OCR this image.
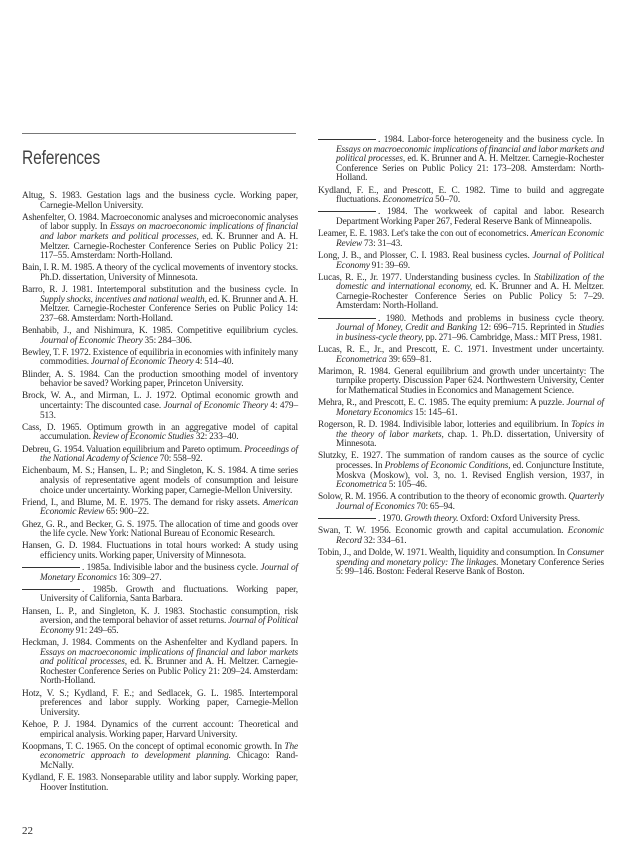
References
Altug, S. 1983. Gestation lags and the business cycle. Working paper, Carnegie-Mellon University.
Ashenfelter, O. 1984. Macroeconomic analyses and microeconomic analyses of labor supply. In Essays on macroeconomic implications of financial and labor markets and political processes, ed. K. Brunner and A. H. Meltzer. Carnegie-Rochester Conference Series on Public Policy 21: 117–55. Amsterdam: North-Holland.
Bain, I. R. M. 1985. A theory of the cyclical movements of inventory stocks. Ph.D. dissertation, University of Minnesota.
Barro, R. J. 1981. Intertemporal substitution and the business cycle. In Supply shocks, incentives and national wealth, ed. K. Brunner and A. H. Meltzer. Carnegie-Rochester Conference Series on Public Policy 14: 237–68. Amsterdam: North-Holland.
Benhabib, J., and Nishimura, K. 1985. Competitive equilibrium cycles. Journal of Economic Theory 35: 284–306.
Bewley, T. F. 1972. Existence of equilibria in economies with infinitely many commodities. Journal of Economic Theory 4: 514–40.
Blinder, A. S. 1984. Can the production smoothing model of inventory behavior be saved? Working paper, Princeton University.
Brock, W. A., and Mirman, L. J. 1972. Optimal economic growth and uncertainty: The discounted case. Journal of Economic Theory 4: 479–513.
Cass, D. 1965. Optimum growth in an aggregative model of capital accumulation. Review of Economic Studies 32: 233–40.
Debreu, G. 1954. Valuation equilibrium and Pareto optimum. Proceedings of the National Academy of Science 70: 558–92.
Eichenbaum, M. S.; Hansen, L. P.; and Singleton, K. S. 1984. A time series analysis of representative agent models of consumption and leisure choice under uncertainty. Working paper, Carnegie-Mellon University.
Friend, I., and Blume, M. E. 1975. The demand for risky assets. American Economic Review 65: 900–22.
Ghez, G. R., and Becker, G. S. 1975. The allocation of time and goods over the life cycle. New York: National Bureau of Economic Research.
Hansen, G. D. 1984. Fluctuations in total hours worked: A study using efficiency units. Working paper, University of Minnesota.
. 1985a. Indivisible labor and the business cycle. Journal of Monetary Economics 16: 309–27.
. 1985b. Growth and fluctuations. Working paper, University of California, Santa Barbara.
Hansen, L. P., and Singleton, K. J. 1983. Stochastic consumption, risk aversion, and the temporal behavior of asset returns. Journal of Political Economy 91: 249–65.
Heckman, J. 1984. Comments on the Ashenfelter and Kydland papers. In Essays on macroeconomic implications of financial and labor markets and political processes, ed. K. Brunner and A. H. Meltzer. Carnegie-Rochester Conference Series on Public Policy 21: 209–24. Amsterdam: North-Holland.
Hotz, V. S.; Kydland, F. E.; and Sedlacek, G. L. 1985. Intertemporal preferences and labor supply. Working paper, Carnegie-Mellon University.
Kehoe, P. J. 1984. Dynamics of the current account: Theoretical and empirical analysis. Working paper, Harvard University.
Koopmans, T. C. 1965. On the concept of optimal economic growth. In The econometric approach to development planning. Chicago: Rand-McNally.
Kydland, F. E. 1983. Nonseparable utility and labor supply. Working paper, Hoover Institution.
22
. 1984. Labor-force heterogeneity and the business cycle. In Essays on macroeconomic implications of financial and labor markets and political processes, ed. K. Brunner and A. H. Meltzer. Carnegie-Rochester Conference Series on Public Policy 21: 173–208. Amsterdam: North-Holland.
Kydland, F. E., and Prescott, E. C. 1982. Time to build and aggregate fluctuations. Econometrica 50–70.
. 1984. The workweek of capital and labor. Research Department Working Paper 267, Federal Reserve Bank of Minneapolis.
Leamer, E. E. 1983. Let's take the con out of econometrics. American Economic Review 73: 31–43.
Long, J. B., and Plosser, C. I. 1983. Real business cycles. Journal of Political Economy 91: 39–69.
Lucas, R. E., Jr. 1977. Understanding business cycles. In Stabilization of the domestic and international economy, ed. K. Brunner and A. H. Meltzer. Carnegie-Rochester Conference Series on Public Policy 5: 7–29. Amsterdam: North-Holland.
. 1980. Methods and problems in business cycle theory. Journal of Money, Credit and Banking 12: 696–715. Reprinted in Studies in business-cycle theory, pp. 271–96. Cambridge, Mass.: MIT Press, 1981.
Lucas, R. E., Jr., and Prescott, E. C. 1971. Investment under uncertainty. Econometrica 39: 659–81.
Marimon, R. 1984. General equilibrium and growth under uncertainty: The turnpike property. Discussion Paper 624. Northwestern University, Center for Mathematical Studies in Economics and Management Science.
Mehra, R., and Prescott, E. C. 1985. The equity premium: A puzzle. Journal of Monetary Economics 15: 145–61.
Rogerson, R. D. 1984. Indivisible labor, lotteries and equilibrium. In Topics in the theory of labor markets, chap. 1. Ph.D. dissertation, University of Minnesota.
Slutzky, E. 1927. The summation of random causes as the source of cyclic processes. In Problems of Economic Conditions, ed. Conjuncture Institute, Moskva (Moskow), vol. 3, no. 1. Revised English version, 1937, in Econometrica 5: 105–46.
Solow, R. M. 1956. A contribution to the theory of economic growth. Quarterly Journal of Economics 70: 65–94.
. 1970. Growth theory. Oxford: Oxford University Press.
Swan, T. W. 1956. Economic growth and capital accumulation. Economic Record 32: 334–61.
Tobin, J., and Dolde, W. 1971. Wealth, liquidity and consumption. In Consumer spending and monetary policy: The linkages. Monetary Conference Series 5: 99–146. Boston: Federal Reserve Bank of Boston.
